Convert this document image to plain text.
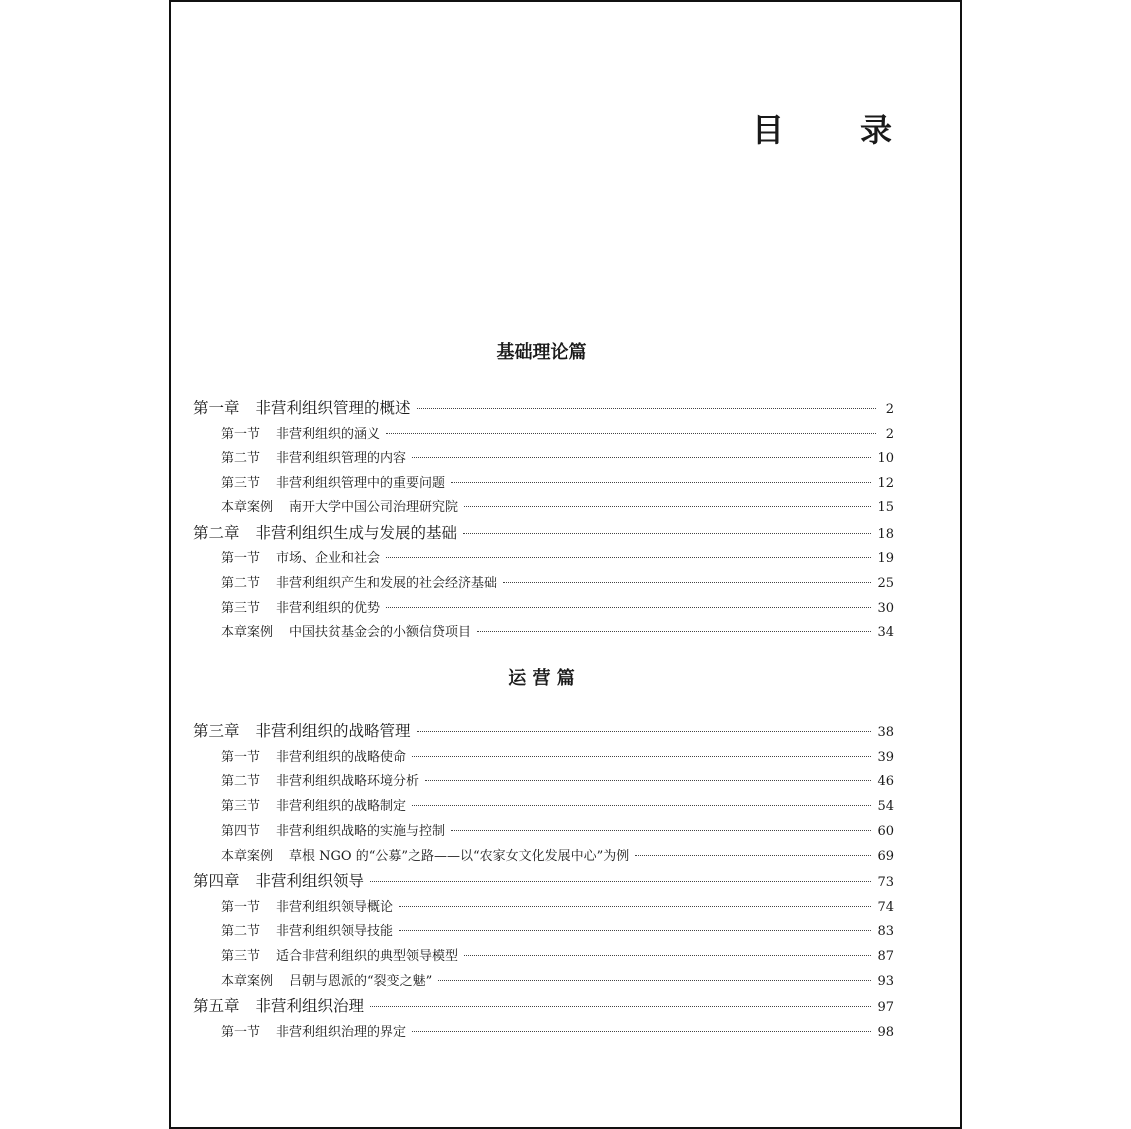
目 录
基础理论篇
第一章 非营利组织管理的概述	2
第一节 非营利组织的涵义	2
第二节 非营利组织管理的内容	10
第三节 非营利组织管理中的重要问题	12
本章案例 南开大学中国公司治理研究院	15
第二章 非营利组织生成与发展的基础	18
第一节 市场、企业和社会	19
第二节 非营利组织产生和发展的社会经济基础	25
第三节 非营利组织的优势	30
本章案例 中国扶贫基金会的小额信贷项目	34
运 营 篇
第三章 非营利组织的战略管理	38
第一节 非营利组织的战略使命	39
第二节 非营利组织战略环境分析	46
第三节 非营利组织的战略制定	54
第四节 非营利组织战略的实施与控制	60
本章案例 草根 NGO 的“公募”之路——以“农家女文化发展中心”为例	69
第四章 非营利组织领导	73
第一节 非营利组织领导概论	74
第二节 非营利组织领导技能	83
第三节 适合非营利组织的典型领导模型	87
本章案例 吕朝与恩派的“裂变之魅”	93
第五章 非营利组织治理	97
第一节 非营利组织治理的界定	98
